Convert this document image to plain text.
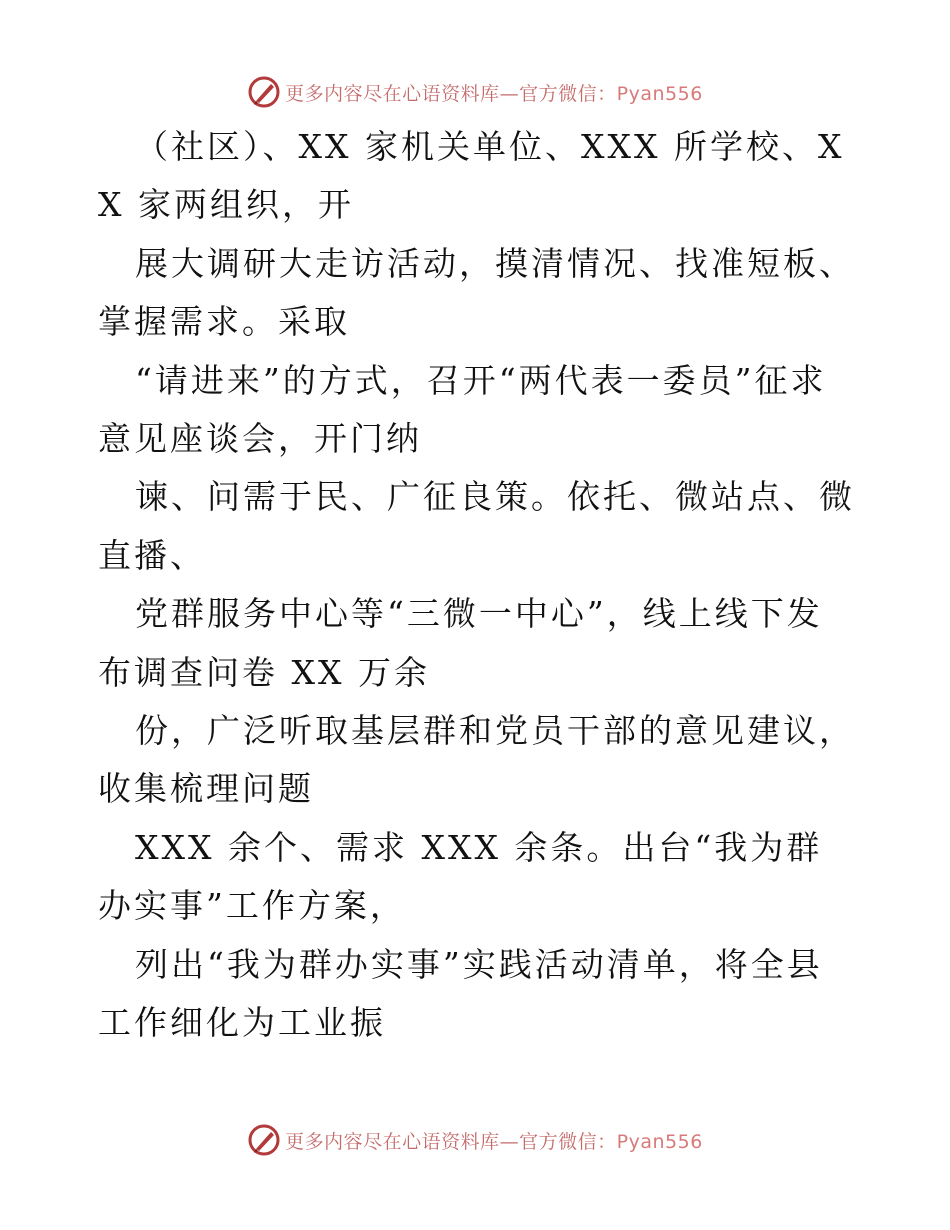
更多内容尽在心语资料库—官方微信：Pyan556

（社区）、XX 家机关单位、XXX 所学校、XX 家两组织，开

展大调研大走访活动，摸清情况、找准短板、掌握需求。采取

“请进来”的方式，召开“两代表一委员”征求意见座谈会，开门纳

谏、问需于民、广征良策。依托、微站点、微直播、

党群服务中心等“三微一中心”，线上线下发布调查问卷 XX 万余

份，广泛听取基层群和党员干部的意见建议，收集梳理问题

XXX 余个、需求 XXX 余条。出台“我为群办实事”工作方案，

列出“我为群办实事”实践活动清单，将全县工作细化为工业振

更多内容尽在心语资料库—官方微信：Pyan556
